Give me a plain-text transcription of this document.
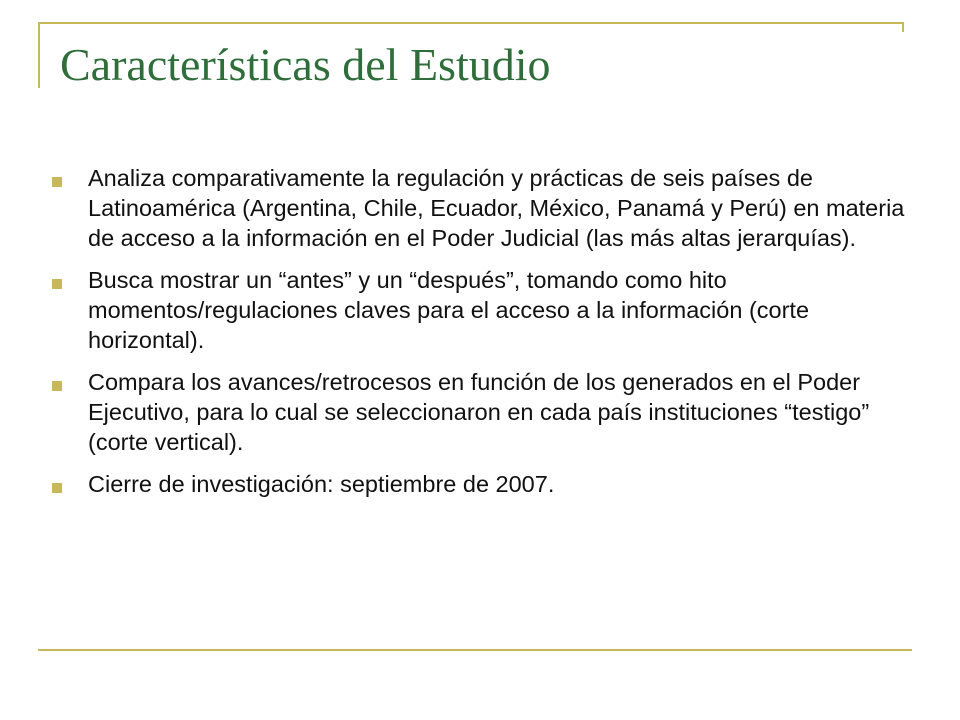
Características del Estudio
Analiza comparativamente la regulación y prácticas de seis países de Latinoamérica (Argentina, Chile, Ecuador, México, Panamá y Perú) en materia de acceso a la información en el Poder Judicial (las más altas jerarquías).
Busca mostrar un “antes” y un “después”, tomando como hito momentos/regulaciones claves para el acceso a la información (corte horizontal).
Compara los avances/retrocesos en función de los generados en el Poder Ejecutivo, para lo cual se seleccionaron en cada país instituciones “testigo” (corte vertical).
Cierre de investigación: septiembre de 2007.
